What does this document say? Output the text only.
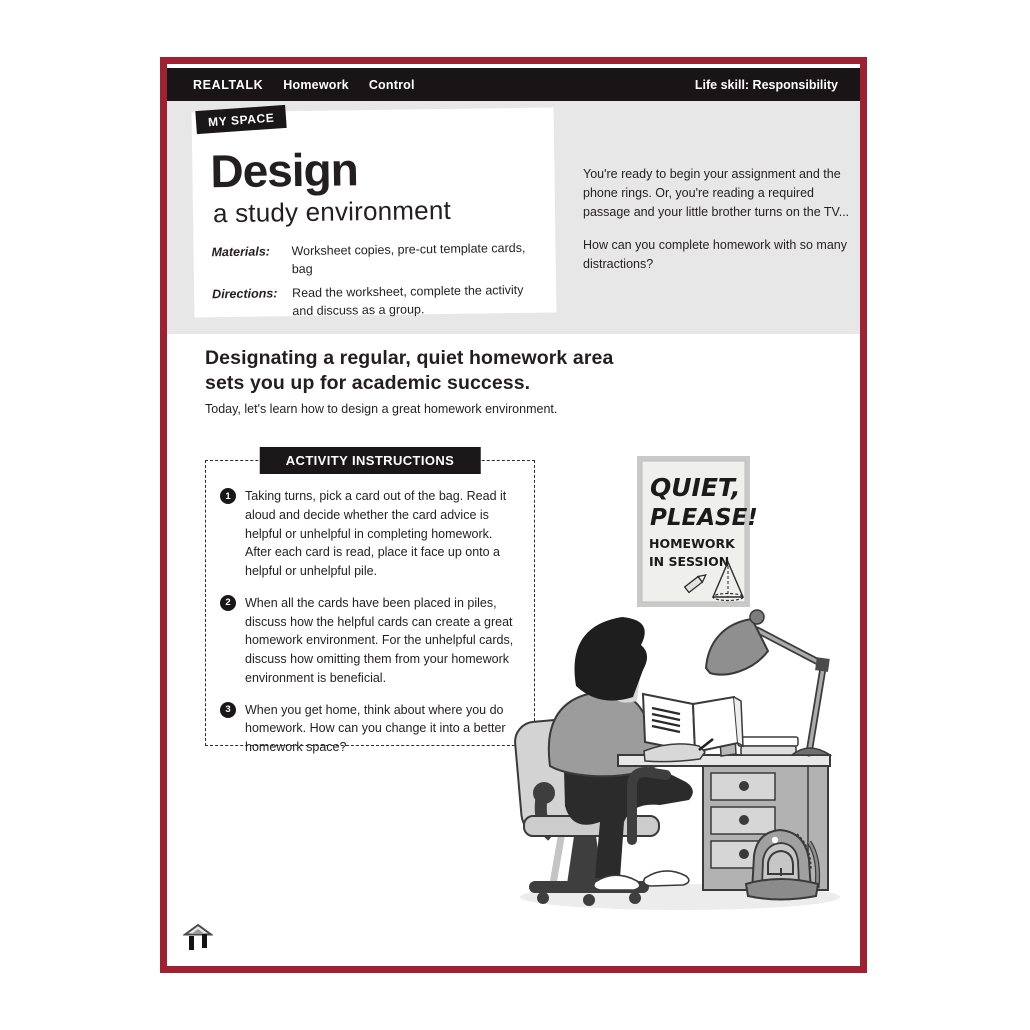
REALTALK Homework Control	Life skill: Responsibility
MY SPACE
Design
a study environment
Materials:	Worksheet copies, pre-cut template cards, bag
Directions:	Read the worksheet, complete the activity and discuss as a group.

You're ready to begin your assignment and the phone rings. Or, you're reading a required passage and your little brother turns on the TV...

How can you complete homework with so many distractions?

Designating a regular, quiet homework area sets you up for academic success.
Today, let's learn how to design a great homework environment.
ACTIVITY INSTRUCTIONS
1	Taking turns, pick a card out of the bag. Read it aloud and decide whether the card advice is helpful or unhelpful in completing homework. After each card is read, place it face up onto a helpful or unhelpful pile.
2	When all the cards have been placed in piles, discuss how the helpful cards can create a great homework environment. For the unhelpful cards, discuss how omitting them from your homework environment is beneficial.
3	When you get home, think about where you do homework. How can you change it into a better homework space?
QUIET,
PLEASE!
HOMEWORK
IN SESSION
